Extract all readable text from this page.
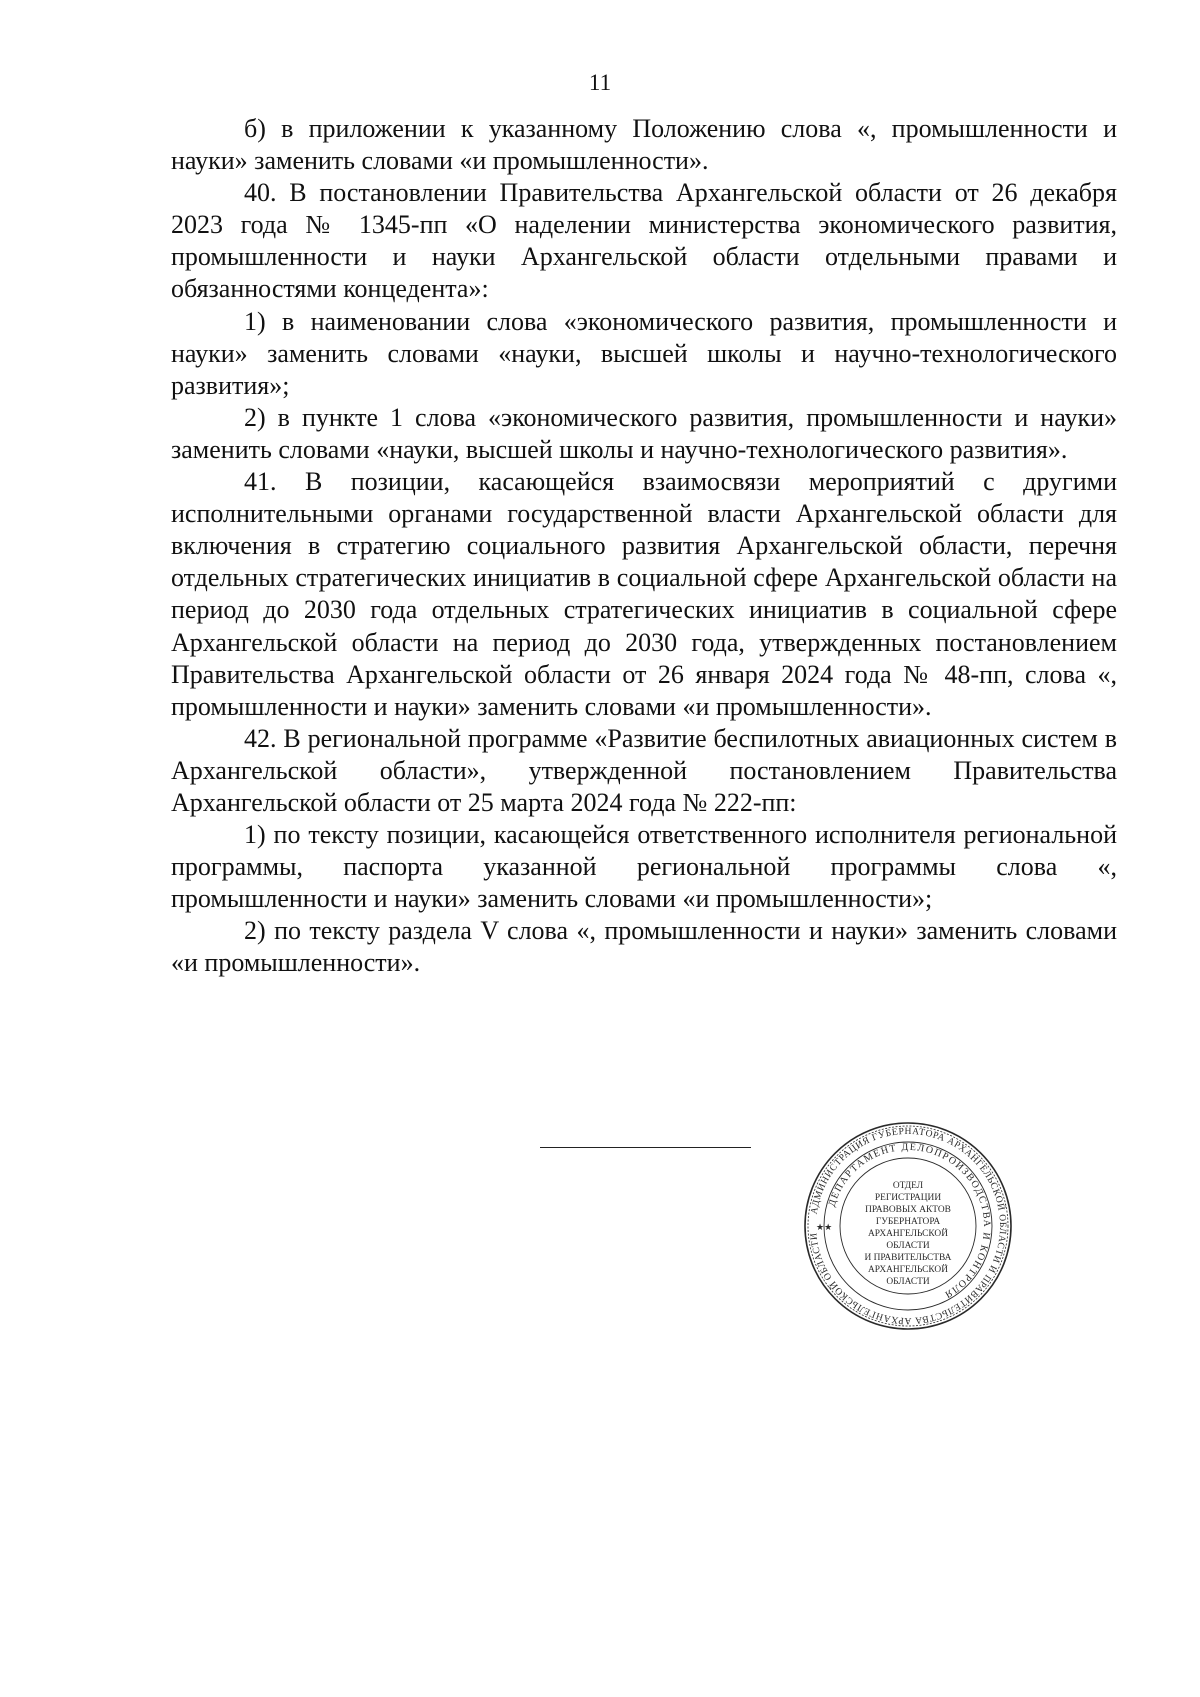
11

б) в приложении к указанному Положению слова «, промышленности и науки» заменить словами «и промышленности».

40. В постановлении Правительства Архангельской области от 26 декабря 2023 года № 1345-пп «О наделении министерства экономического развития, промышленности и науки Архангельской области отдельными правами и обязанностями концедента»:

1) в наименовании слова «экономического развития, промышленности и науки» заменить словами «науки, высшей школы и научно-технологического развития»;

2) в пункте 1 слова «экономического развития, промышленности и науки» заменить словами «науки, высшей школы и научно-технологического развития».

41. В позиции, касающейся взаимосвязи мероприятий с другими исполнительными органами государственной власти Архангельской области для включения в стратегию социального развития Архангельской области, перечня отдельных стратегических инициатив в социальной сфере Архангельской области на период до 2030 года отдельных стратегических инициатив в социальной сфере Архангельской области на период до 2030 года, утвержденных постановлением Правительства Архангельской области от 26 января 2024 года № 48-пп, слова «, промышленности и науки» заменить словами «и промышленности».

42. В региональной программе «Развитие беспилотных авиационных систем в Архангельской области», утвержденной постановлением Правительства Архангельской области от 25 марта 2024 года № 222-пп:

1) по тексту позиции, касающейся ответственного исполнителя региональной программы, паспорта указанной региональной программы слова «, промышленности и науки» заменить словами «и промышленности»;

2) по тексту раздела V слова «, промышленности и науки» заменить словами «и промышленности».

АДМИНИСТРАЦИЯ ГУБЕРНАТОРА АРХАНГЕЛЬСКОЙ ОБЛАСТИ И ПРАВИТЕЛЬСТВА АРХАНГЕЛЬСКОЙ ОБЛАСТИ
ДЕПАРТАМЕНТ ДЕЛОПРОИЗВОДСТВА И КОНТРОЛЯ
★★
ОТДЕЛ
РЕГИСТРАЦИИ
ПРАВОВЫХ АКТОВ
ГУБЕРНАТОРА
АРХАНГЕЛЬСКОЙ
ОБЛАСТИ
И ПРАВИТЕЛЬСТВА
АРХАНГЕЛЬСКОЙ
ОБЛАСТИ
